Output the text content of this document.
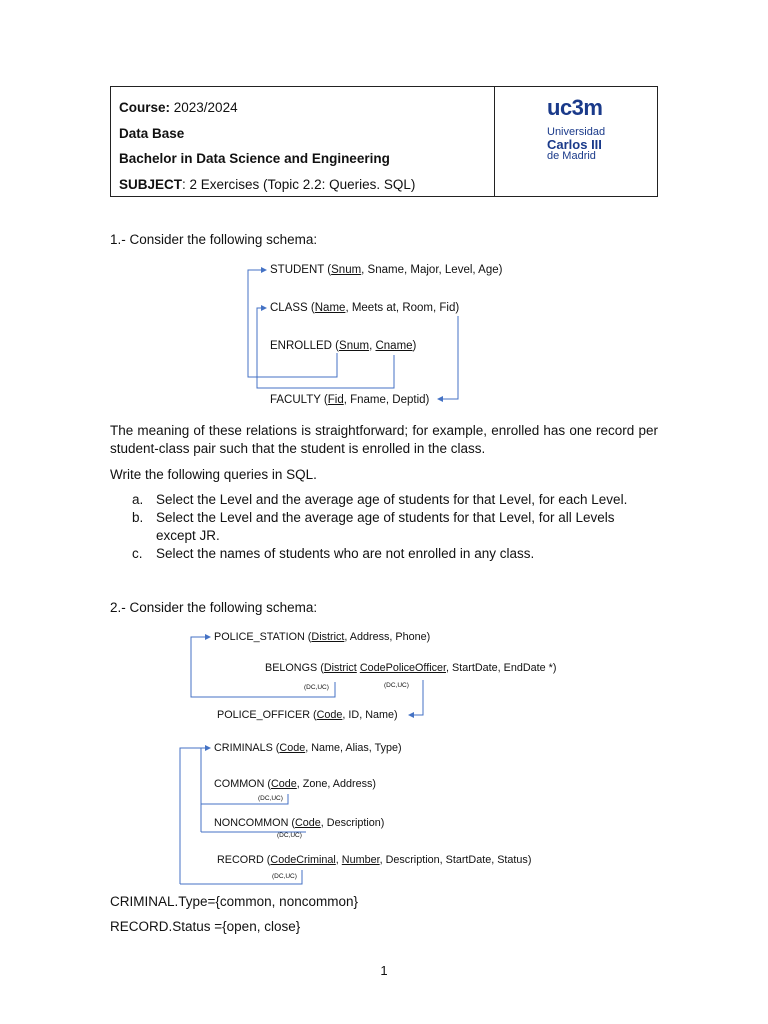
Course: 2023/2024
Data Base
Bachelor in Data Science and Engineering
SUBJECT: 2 Exercises (Topic 2.2: Queries. SQL)
uc3m
Universidad
Carlos III
de Madrid
1.- Consider the following schema:
STUDENT (Snum, Sname, Major, Level, Age)
CLASS (Name, Meets at, Room, Fid)
ENROLLED (Snum, Cname)
FACULTY (Fid, Fname, Deptid)
The meaning of these relations is straightforward; for example, enrolled has one record per student-class pair such that the student is enrolled in the class.
Write the following queries in SQL.
a. Select the Level and the average age of students for that Level, for each Level.
b. Select the Level and the average age of students for that Level, for all Levels except JR.
c. Select the names of students who are not enrolled in any class.
2.- Consider the following schema:
POLICE_STATION (District, Address, Phone)
BELONGS (District CodePoliceOfficer, StartDate, EndDate *)
(DC,UC)	(DC,UC)
POLICE_OFFICER (Code, ID, Name)
CRIMINALS (Code, Name, Alias, Type)
COMMON (Code, Zone, Address)
(DC,UC)
NONCOMMON (Code, Description)
(DC,UC)
RECORD (CodeCriminal, Number, Description, StartDate, Status)
(DC,UC)
CRIMINAL.Type={common, noncommon}
RECORD.Status ={open, close}
1
